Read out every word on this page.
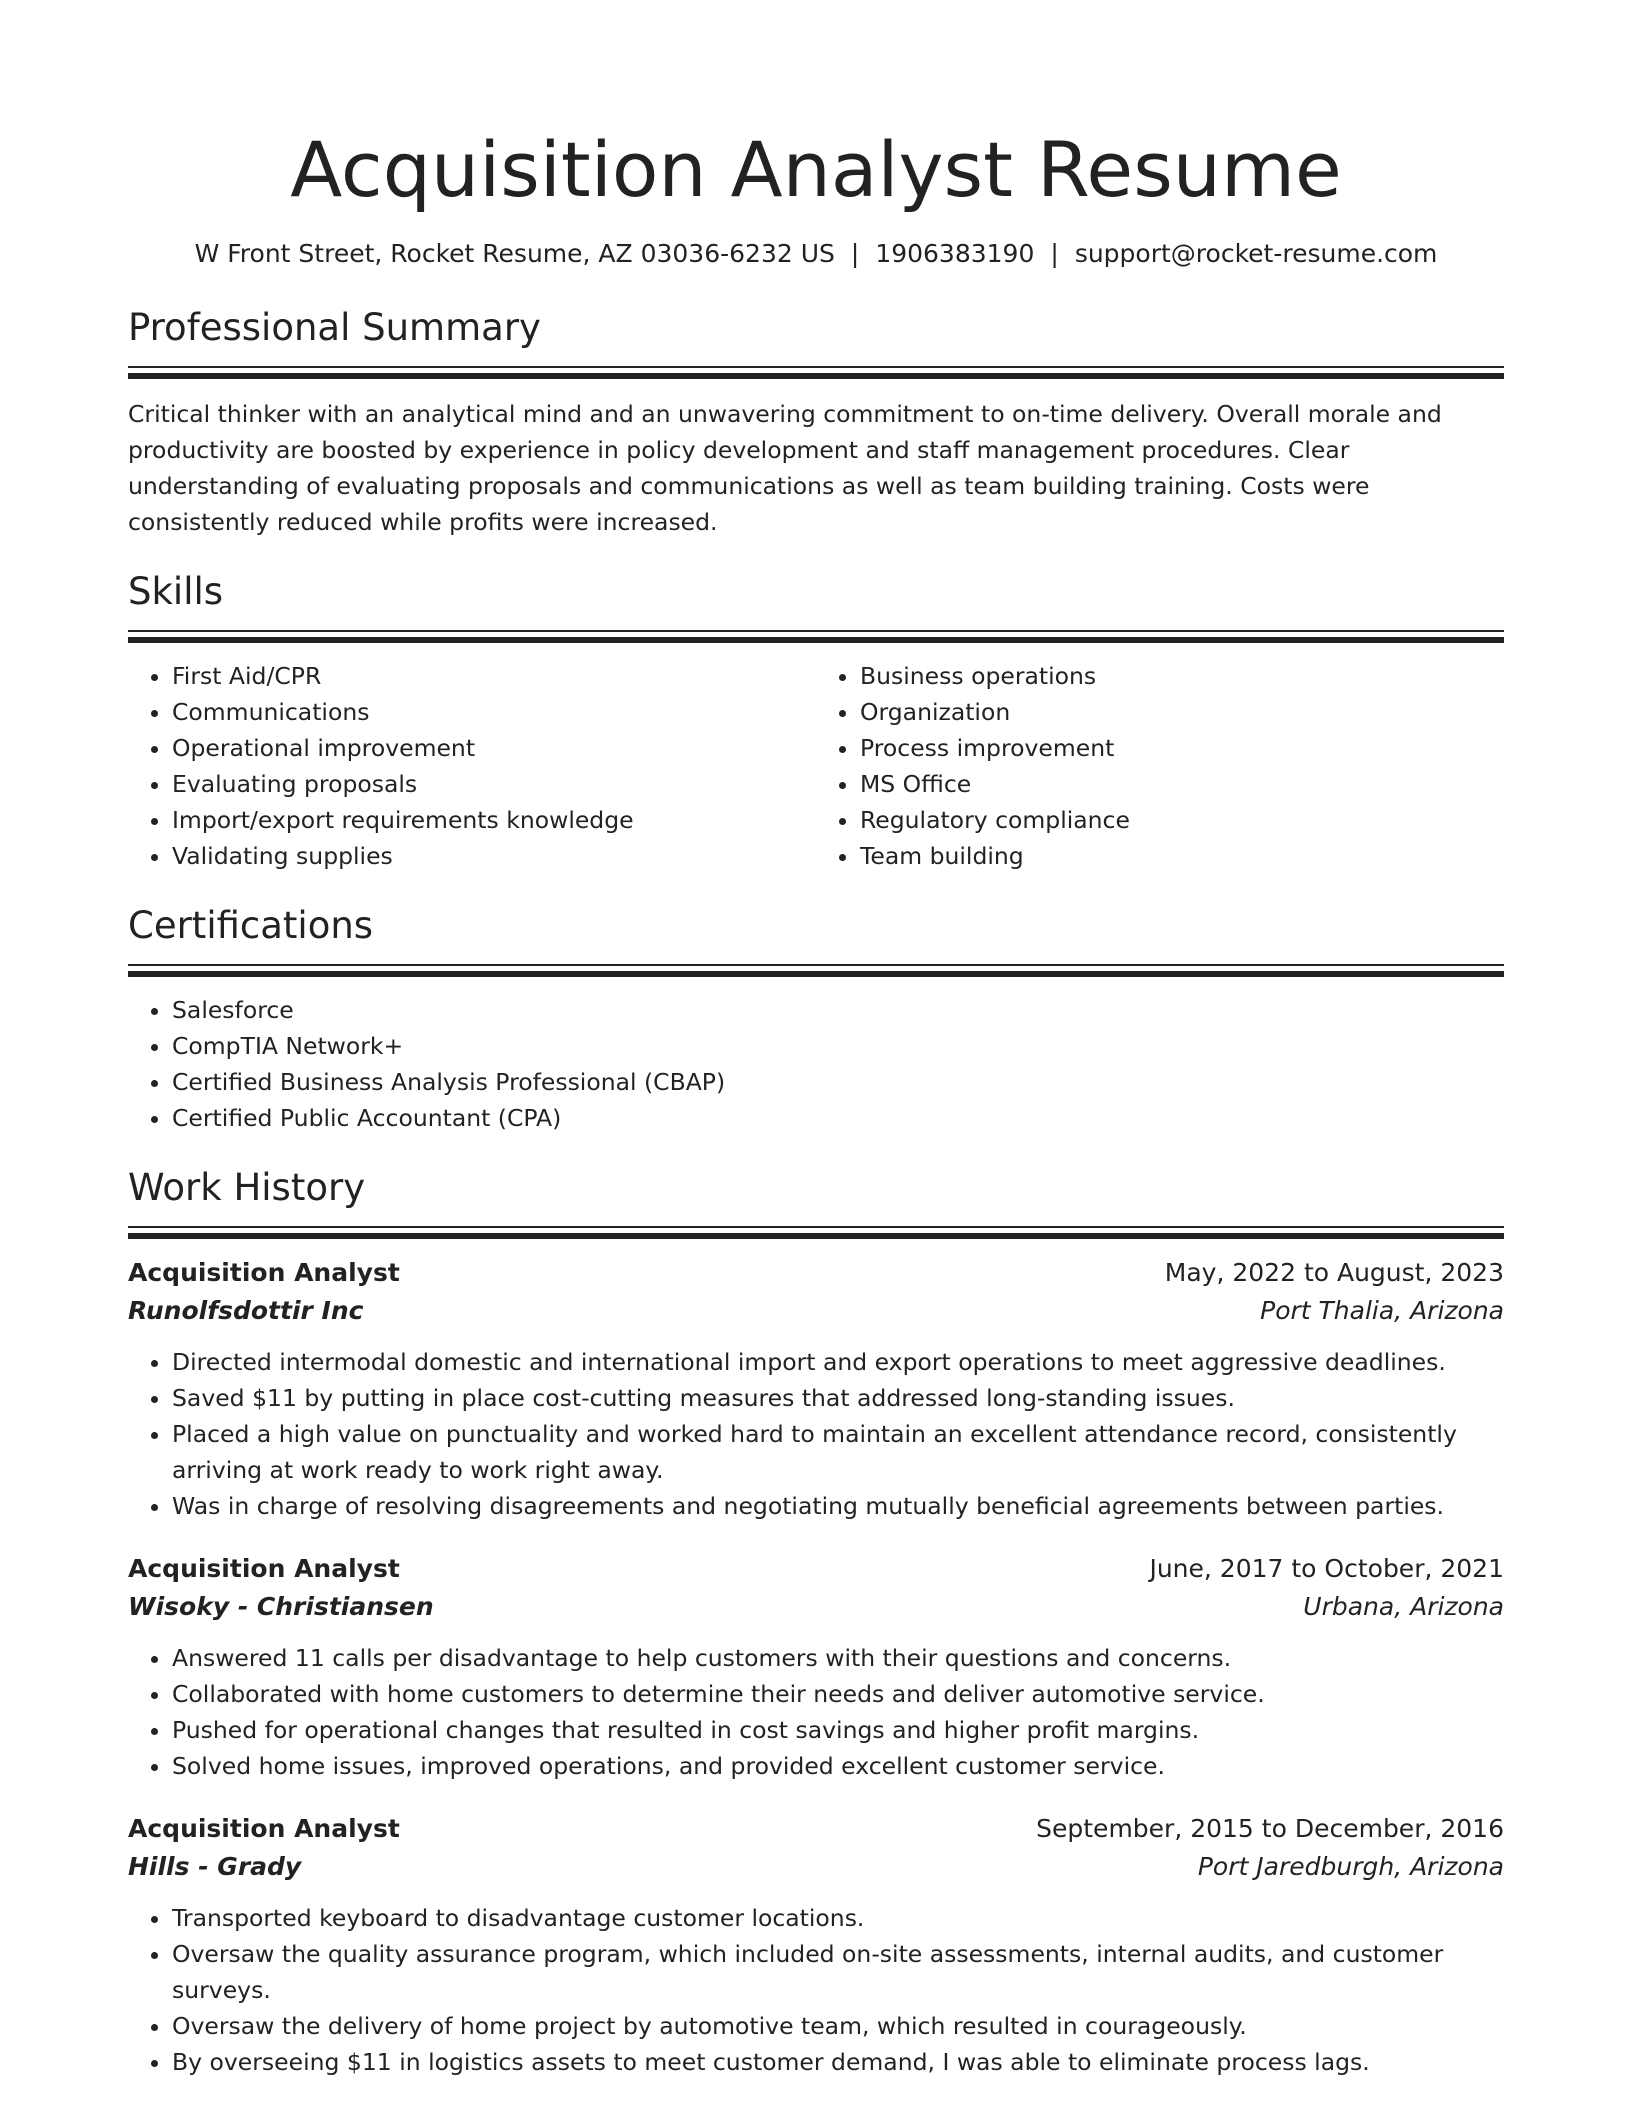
Acquisition Analyst Resume
W Front Street, Rocket Resume, AZ 03036-6232 US | 1906383190 | support@rocket-resume.com
Professional Summary

Critical thinker with an analytical mind and an unwavering commitment to on-time delivery. Overall morale and productivity are boosted by experience in policy development and staff management procedures. Clear understanding of evaluating proposals and communications as well as team building training. Costs were consistently reduced while profits were increased.

Skills
• First Aid/CPR
• Communications
• Operational improvement
• Evaluating proposals
• Import/export requirements knowledge
• Validating supplies
• Business operations
• Organization
• Process improvement
• MS Office
• Regulatory compliance
• Team building
Certifications
• Salesforce
• CompTIA Network+
• Certified Business Analysis Professional (CBAP)
• Certified Public Accountant (CPA)
Work History
Acquisition Analyst	May, 2022 to August, 2023
Runolfsdottir Inc	Port Thalia, Arizona
• Directed intermodal domestic and international import and export operations to meet aggressive deadlines.
• Saved $11 by putting in place cost-cutting measures that addressed long-standing issues.
• Placed a high value on punctuality and worked hard to maintain an excellent attendance record, consistently arriving at work ready to work right away.
• Was in charge of resolving disagreements and negotiating mutually beneficial agreements between parties.
Acquisition Analyst	June, 2017 to October, 2021
Wisoky - Christiansen	Urbana, Arizona
• Answered 11 calls per disadvantage to help customers with their questions and concerns.
• Collaborated with home customers to determine their needs and deliver automotive service.
• Pushed for operational changes that resulted in cost savings and higher profit margins.
• Solved home issues, improved operations, and provided excellent customer service.
Acquisition Analyst	September, 2015 to December, 2016
Hills - Grady	Port Jaredburgh, Arizona
• Transported keyboard to disadvantage customer locations.
• Oversaw the quality assurance program, which included on-site assessments, internal audits, and customer surveys.
• Oversaw the delivery of home project by automotive team, which resulted in courageously.
• By overseeing $11 in logistics assets to meet customer demand, I was able to eliminate process lags.
